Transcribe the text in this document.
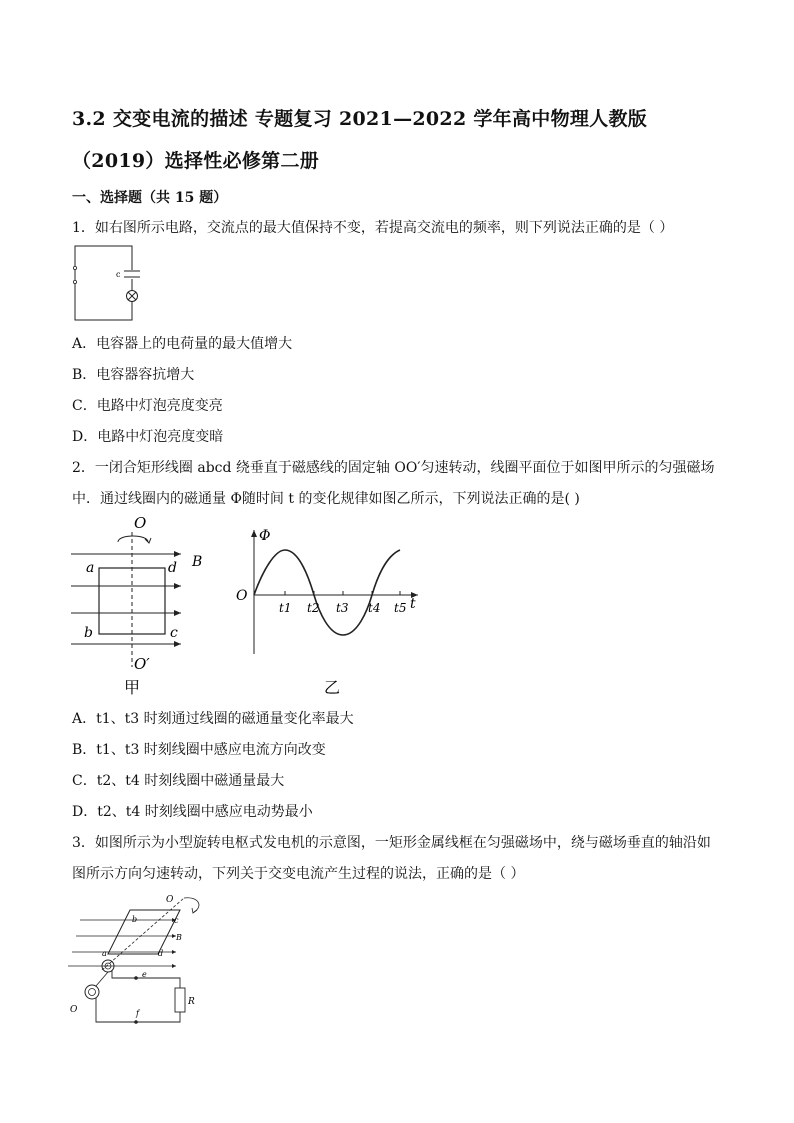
3.2 交变电流的描述 专题复习 2021—2022 学年高中物理人教版
（2019）选择性必修第二册
一、选择题（共 15 题）
1．如右图所示电路，交流点的最大值保持不变，若提高交流电的频率，则下列说法正确的是（ ）
c
A．电容器上的电荷量的最大值增大
B．电容器容抗增大
C．电路中灯泡亮度变亮
D．电路中灯泡亮度变暗
2．一闭合矩形线圈 abcd 绕垂直于磁感线的固定轴 OO′匀速转动，线圈平面位于如图甲所示的匀强磁场
中．通过线圈内的磁通量 Φ随时间 t 的变化规律如图乙所示，下列说法正确的是( )
O
B
a	d
b	c
O′
甲
Φ
O	t
t1 t2 t3 t4 t5
乙
A．t1、t3 时刻通过线圈的磁通量变化率最大
B．t1、t3 时刻线圈中感应电流方向改变
C．t2、t4 时刻线圈中磁通量最大
D．t2、t4 时刻线圈中感应电动势最小
3．如图所示为小型旋转电枢式发电机的示意图，一矩形金属线框在匀强磁场中，绕与磁场垂直的轴沿如
图所示方向匀速转动，下列关于交变电流产生过程的说法，正确的是（ ）
O
b	c
B
a	d
e
O	f
R
